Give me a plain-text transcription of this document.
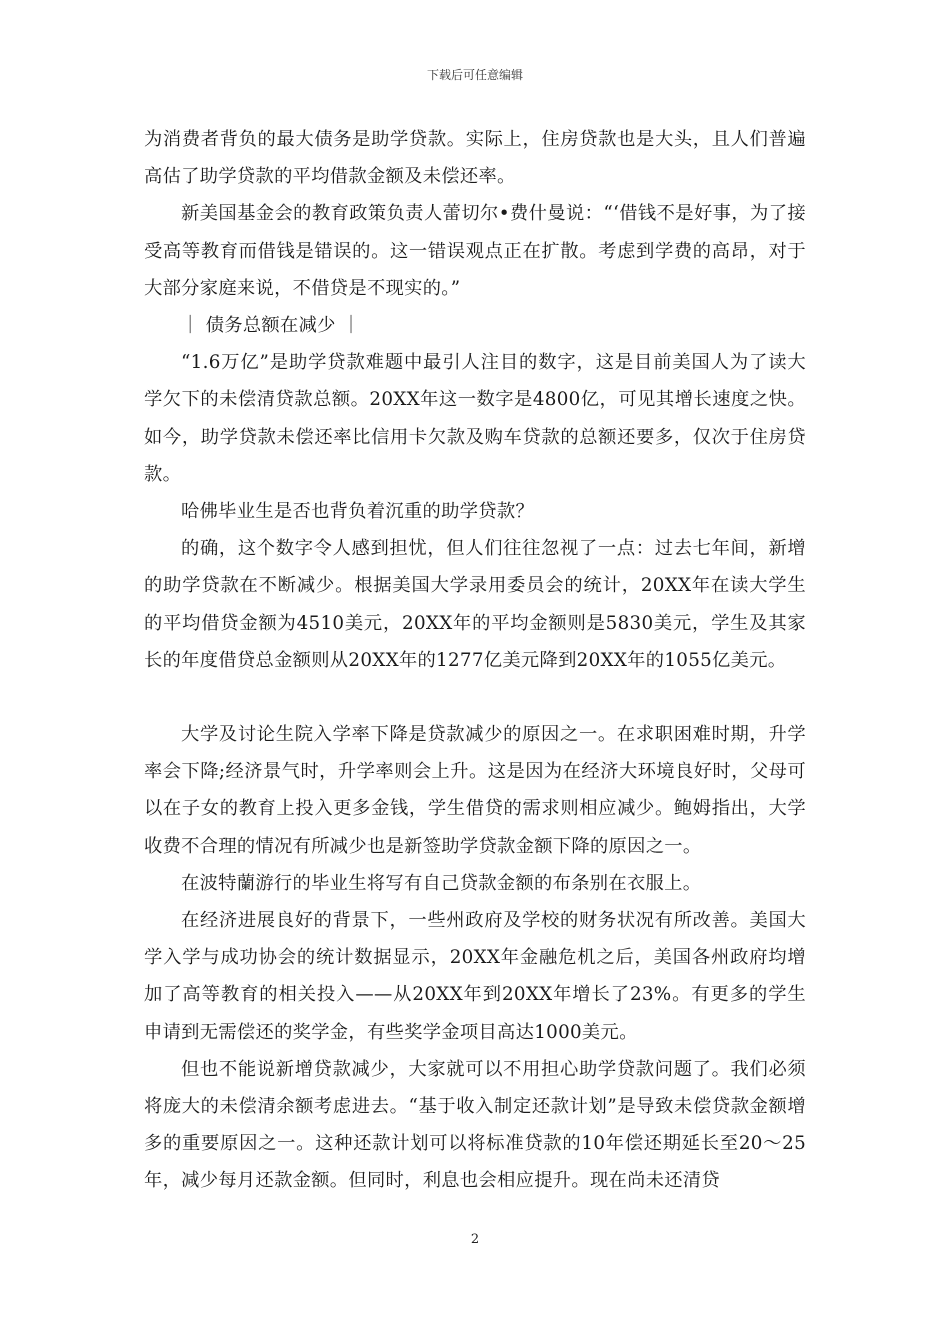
下载后可任意编辑

为消费者背负的最大债务是助学贷款。实际上，住房贷款也是大头，且人们普遍高估了助学贷款的平均借款金额及未偿还率。

新美国基金会的教育政策负责人蕾切尔•费什曼说：“‘借钱不是好事，为了接受高等教育而借钱是错误的。这一错误观点正在扩散。考虑到学费的高昂，对于大部分家庭来说，不借贷是不现实的。”

｜ 债务总额在减少 ｜

“1.6万亿”是助学贷款难题中最引人注目的数字，这是目前美国人为了读大学欠下的未偿清贷款总额。20XX年这一数字是4800亿，可见其增长速度之快。如今，助学贷款未偿还率比信用卡欠款及购车贷款的总额还要多，仅次于住房贷款。

哈佛毕业生是否也背负着沉重的助学贷款？

的确，这个数字令人感到担忧，但人们往往忽视了一点：过去七年间，新增的助学贷款在不断减少。根据美国大学录用委员会的统计，20XX年在读大学生的平均借贷金额为4510美元，20XX年的平均金额则是5830美元，学生及其家长的年度借贷总金额则从20XX年的1277亿美元降到20XX年的1055亿美元。

大学及讨论生院入学率下降是贷款减少的原因之一。在求职困难时期，升学率会下降;经济景气时，升学率则会上升。这是因为在经济大环境良好时，父母可以在子女的教育上投入更多金钱，学生借贷的需求则相应减少。鲍姆指出，大学收费不合理的情况有所减少也是新签助学贷款金额下降的原因之一。

在波特蘭游行的毕业生将写有自己贷款金额的布条别在衣服上。

在经济进展良好的背景下，一些州政府及学校的财务状况有所改善。美国大学入学与成功协会的统计数据显示，20XX年金融危机之后，美国各州政府均增加了高等教育的相关投入——从20XX年到20XX年增长了23%。有更多的学生申请到无需偿还的奖学金，有些奖学金项目高达1000美元。

但也不能说新增贷款减少，大家就可以不用担心助学贷款问题了。我们必须将庞大的未偿清余额考虑进去。“基于收入制定还款计划”是导致未偿贷款金额增多的重要原因之一。这种还款计划可以将标准贷款的10年偿还期延长至20～25年，减少每月还款金额。但同时，利息也会相应提升。现在尚未还清贷

2
